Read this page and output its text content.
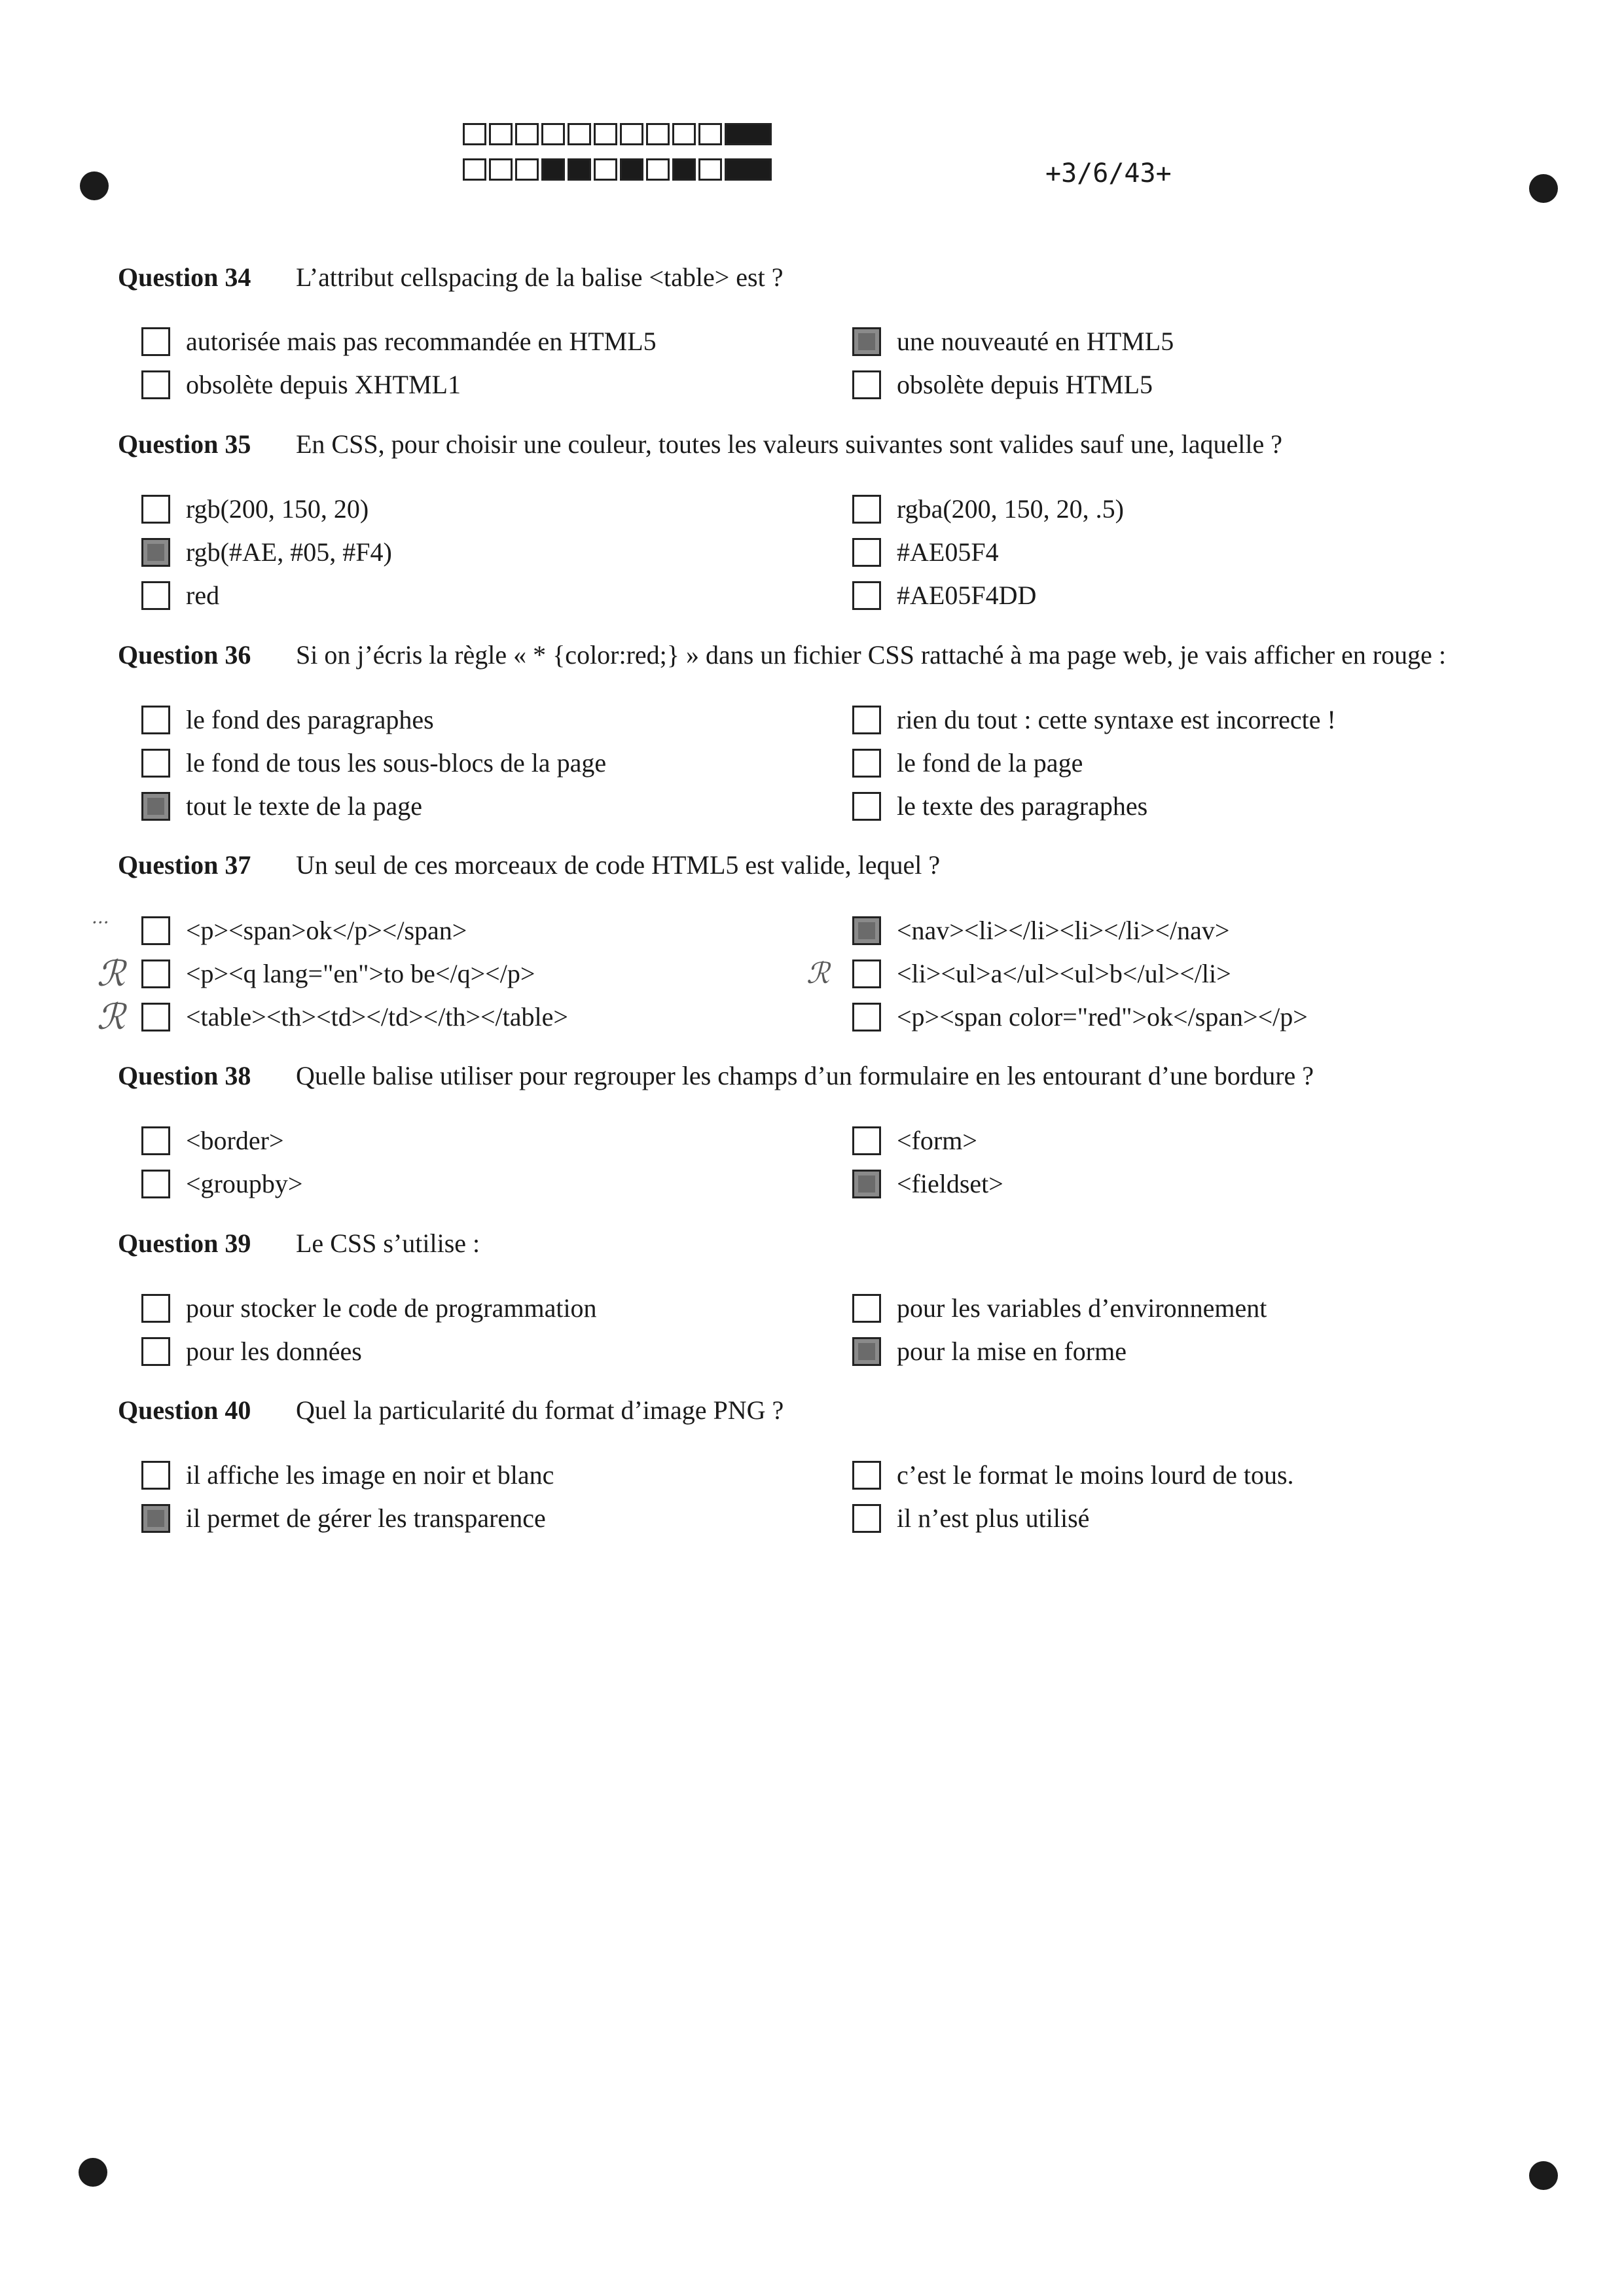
+3/6/43+
Question 34 L’attribut cellspacing de la balise <table> est ?
autorisée mais pas recommandée en HTML5
obsolète depuis XHTML1
une nouveauté en HTML5
obsolète depuis HTML5
Question 35 En CSS, pour choisir une couleur, toutes les valeurs suivantes sont valides sauf une, laquelle ?
rgb(200, 150, 20)
rgb(#AE, #05, #F4)
red
rgba(200, 150, 20, .5)
#AE05F4
#AE05F4DD
Question 36 Si on j’écris la règle « * {color:red;} » dans un fichier CSS rattaché à ma page web, je vais afficher en rouge :
le fond des paragraphes
le fond de tous les sous-blocs de la page
tout le texte de la page
rien du tout : cette syntaxe est incorrecte !
le fond de la page
le texte des paragraphes
Question 37 Un seul de ces morceaux de code HTML5 est valide, lequel ?
<p><span>ok</p></span>
<p><q lang="en">to be</q></p>
<table><th><td></td></th></table>
<nav><li></li><li></li></nav>
<li><ul>a</ul><ul>b</ul></li>
<p><span color="red">ok</span></p>
···
ℛ
ℛ
ℛ
Question 38 Quelle balise utiliser pour regrouper les champs d’un formulaire en les entourant d’une bordure ?
<border>
<groupby>
<form>
<fieldset>
Question 39 Le CSS s’utilise :
pour stocker le code de programmation
pour les données
pour les variables d’environnement
pour la mise en forme
Question 40 Quel la particularité du format d’image PNG ?
il affiche les image en noir et blanc
il permet de gérer les transparence
c’est le format le moins lourd de tous.
il n’est plus utilisé
